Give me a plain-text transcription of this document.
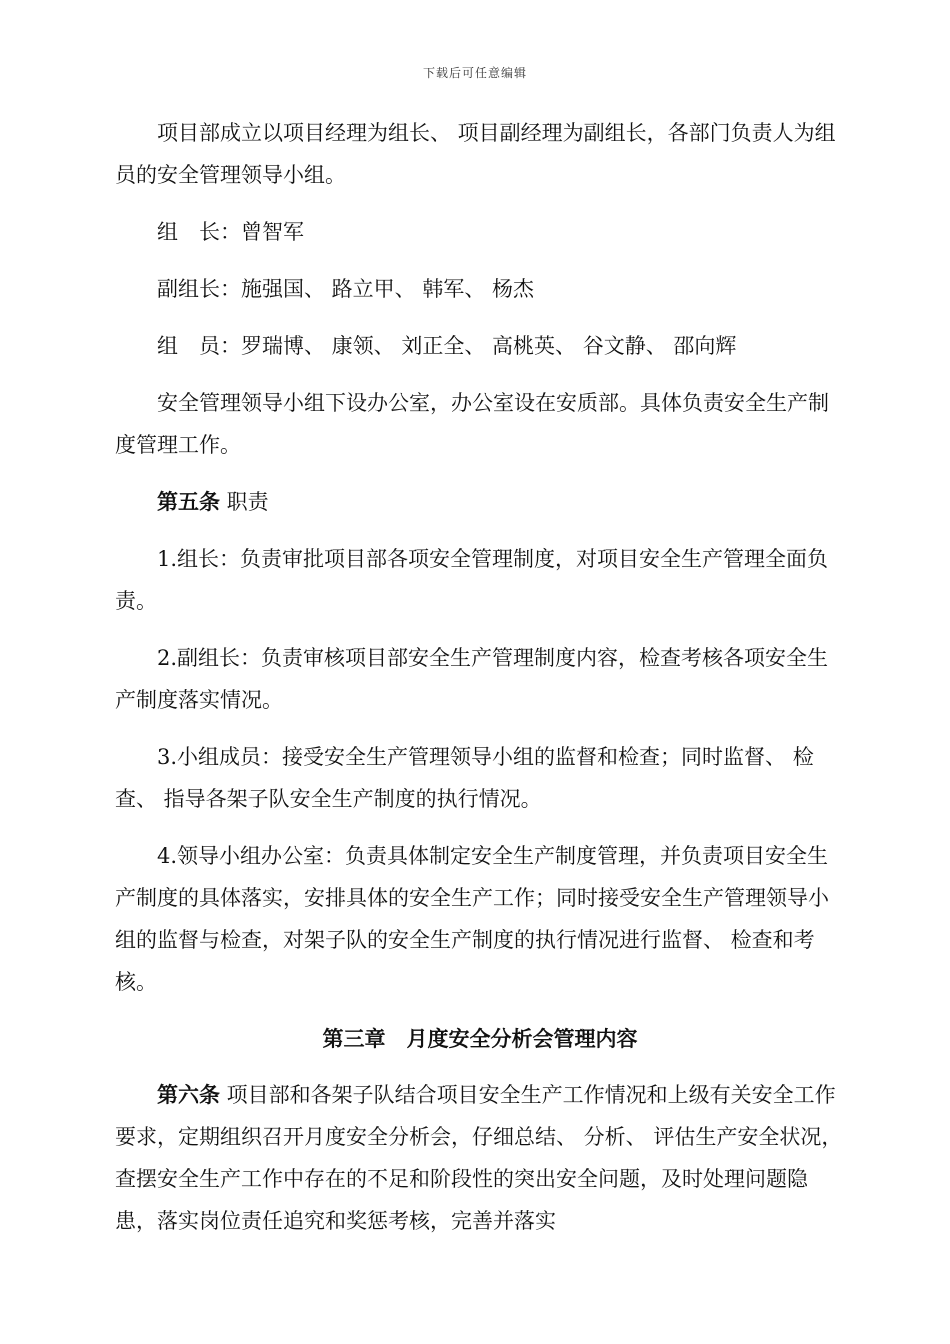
下载后可任意编辑

项目部成立以项目经理为组长、 项目副经理为副组长，各部门负责人为组员的安全管理领导小组。

组　长：曾智军

副组长：施强国、 路立甲、 韩军、 杨杰

组　员：罗瑞博、 康领、 刘正全、 高桃英、 谷文静、 邵向辉

安全管理领导小组下设办公室，办公室设在安质部。具体负责安全生产制度管理工作。

第五条 职责

1.组长：负责审批项目部各项安全管理制度，对项目安全生产管理全面负责。

2.副组长：负责审核项目部安全生产管理制度内容，检查考核各项安全生产制度落实情况。

3.小组成员：接受安全生产管理领导小组的监督和检查；同时监督、 检查、 指导各架子队安全生产制度的执行情况。

4.领导小组办公室：负责具体制定安全生产制度管理，并负责项目安全生产制度的具体落实，安排具体的安全生产工作；同时接受安全生产管理领导小组的监督与检查，对架子队的安全生产制度的执行情况进行监督、 检查和考核。

第三章　月度安全分析会管理内容

第六条 项目部和各架子队结合项目安全生产工作情况和上级有关安全工作要求，定期组织召开月度安全分析会，仔细总结、 分析、 评估生产安全状况，查摆安全生产工作中存在的不足和阶段性的突出安全问题，及时处理问题隐患，落实岗位责任追究和奖惩考核，完善并落实
